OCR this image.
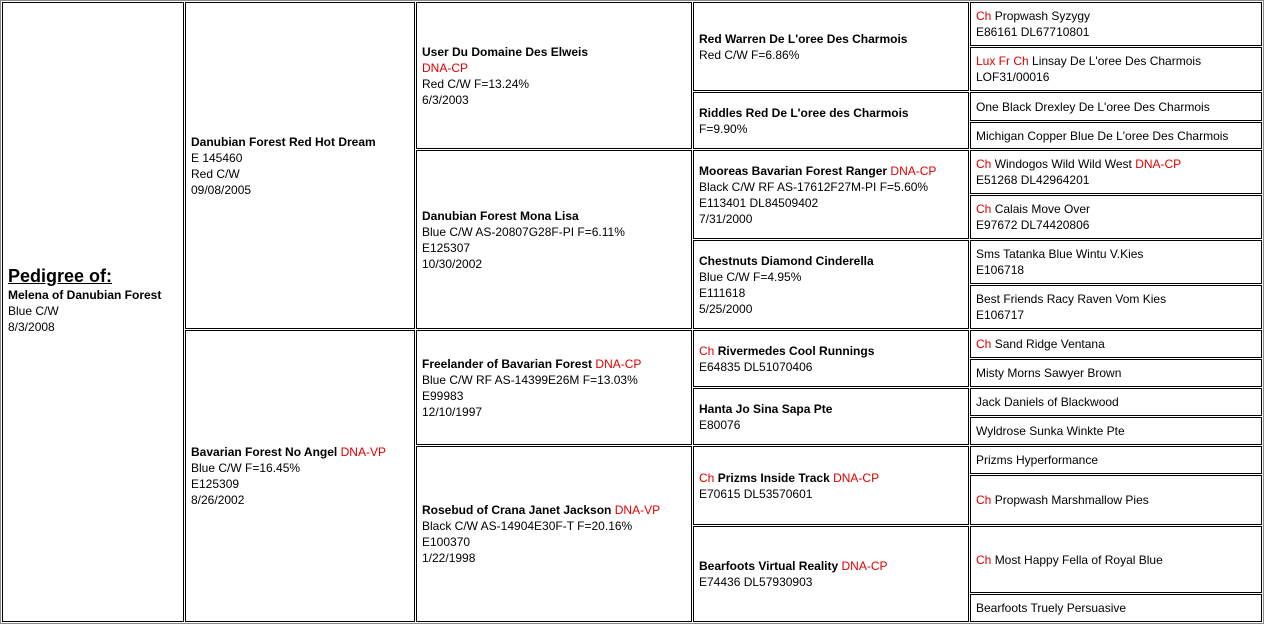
Pedigree of:
Melena of Danubian Forest
Blue C/W
8/3/2008
Danubian Forest Red Hot Dream
E 145460
Red C/W
09/08/2005
Bavarian Forest No Angel DNA-VP
Blue C/W F=16.45%
E125309
8/26/2002
User Du Domaine Des Elweis
DNA-CP
Red C/W F=13.24%
6/3/2003
Danubian Forest Mona Lisa
Blue C/W AS-20807G28F-PI F=6.11%
E125307
10/30/2002
Freelander of Bavarian Forest DNA-CP
Blue C/W RF AS-14399E26M F=13.03%
E99983
12/10/1997
Rosebud of Crana Janet Jackson DNA-VP
Black C/W AS-14904E30F-T F=20.16%
E100370
1/22/1998
Red Warren De L'oree Des Charmois
Red C/W F=6.86%
Riddles Red De L'oree des Charmois
F=9.90%
Mooreas Bavarian Forest Ranger DNA-CP
Black C/W RF AS-17612F27M-PI F=5.60%
E113401 DL84509402
7/31/2000
Chestnuts Diamond Cinderella
Blue C/W F=4.95%
E111618
5/25/2000
Ch Rivermedes Cool Runnings
E64835 DL51070406
Hanta Jo Sina Sapa Pte
E80076
Ch Prizms Inside Track DNA-CP
E70615 DL53570601
Bearfoots Virtual Reality DNA-CP
E74436 DL57930903
Ch Propwash Syzygy
E86161 DL67710801
Lux Fr Ch Linsay De L'oree Des Charmois
LOF31/00016
One Black Drexley De L'oree Des Charmois
Michigan Copper Blue De L'oree Des Charmois
Ch Windogos Wild Wild West DNA-CP
E51268 DL42964201
Ch Calais Move Over
E97672 DL74420806
Sms Tatanka Blue Wintu V.Kies
E106718
Best Friends Racy Raven Vom Kies
E106717
Ch Sand Ridge Ventana
Misty Morns Sawyer Brown
Jack Daniels of Blackwood
Wyldrose Sunka Winkte Pte
Prizms Hyperformance
Ch Propwash Marshmallow Pies
Ch Most Happy Fella of Royal Blue
Bearfoots Truely Persuasive
